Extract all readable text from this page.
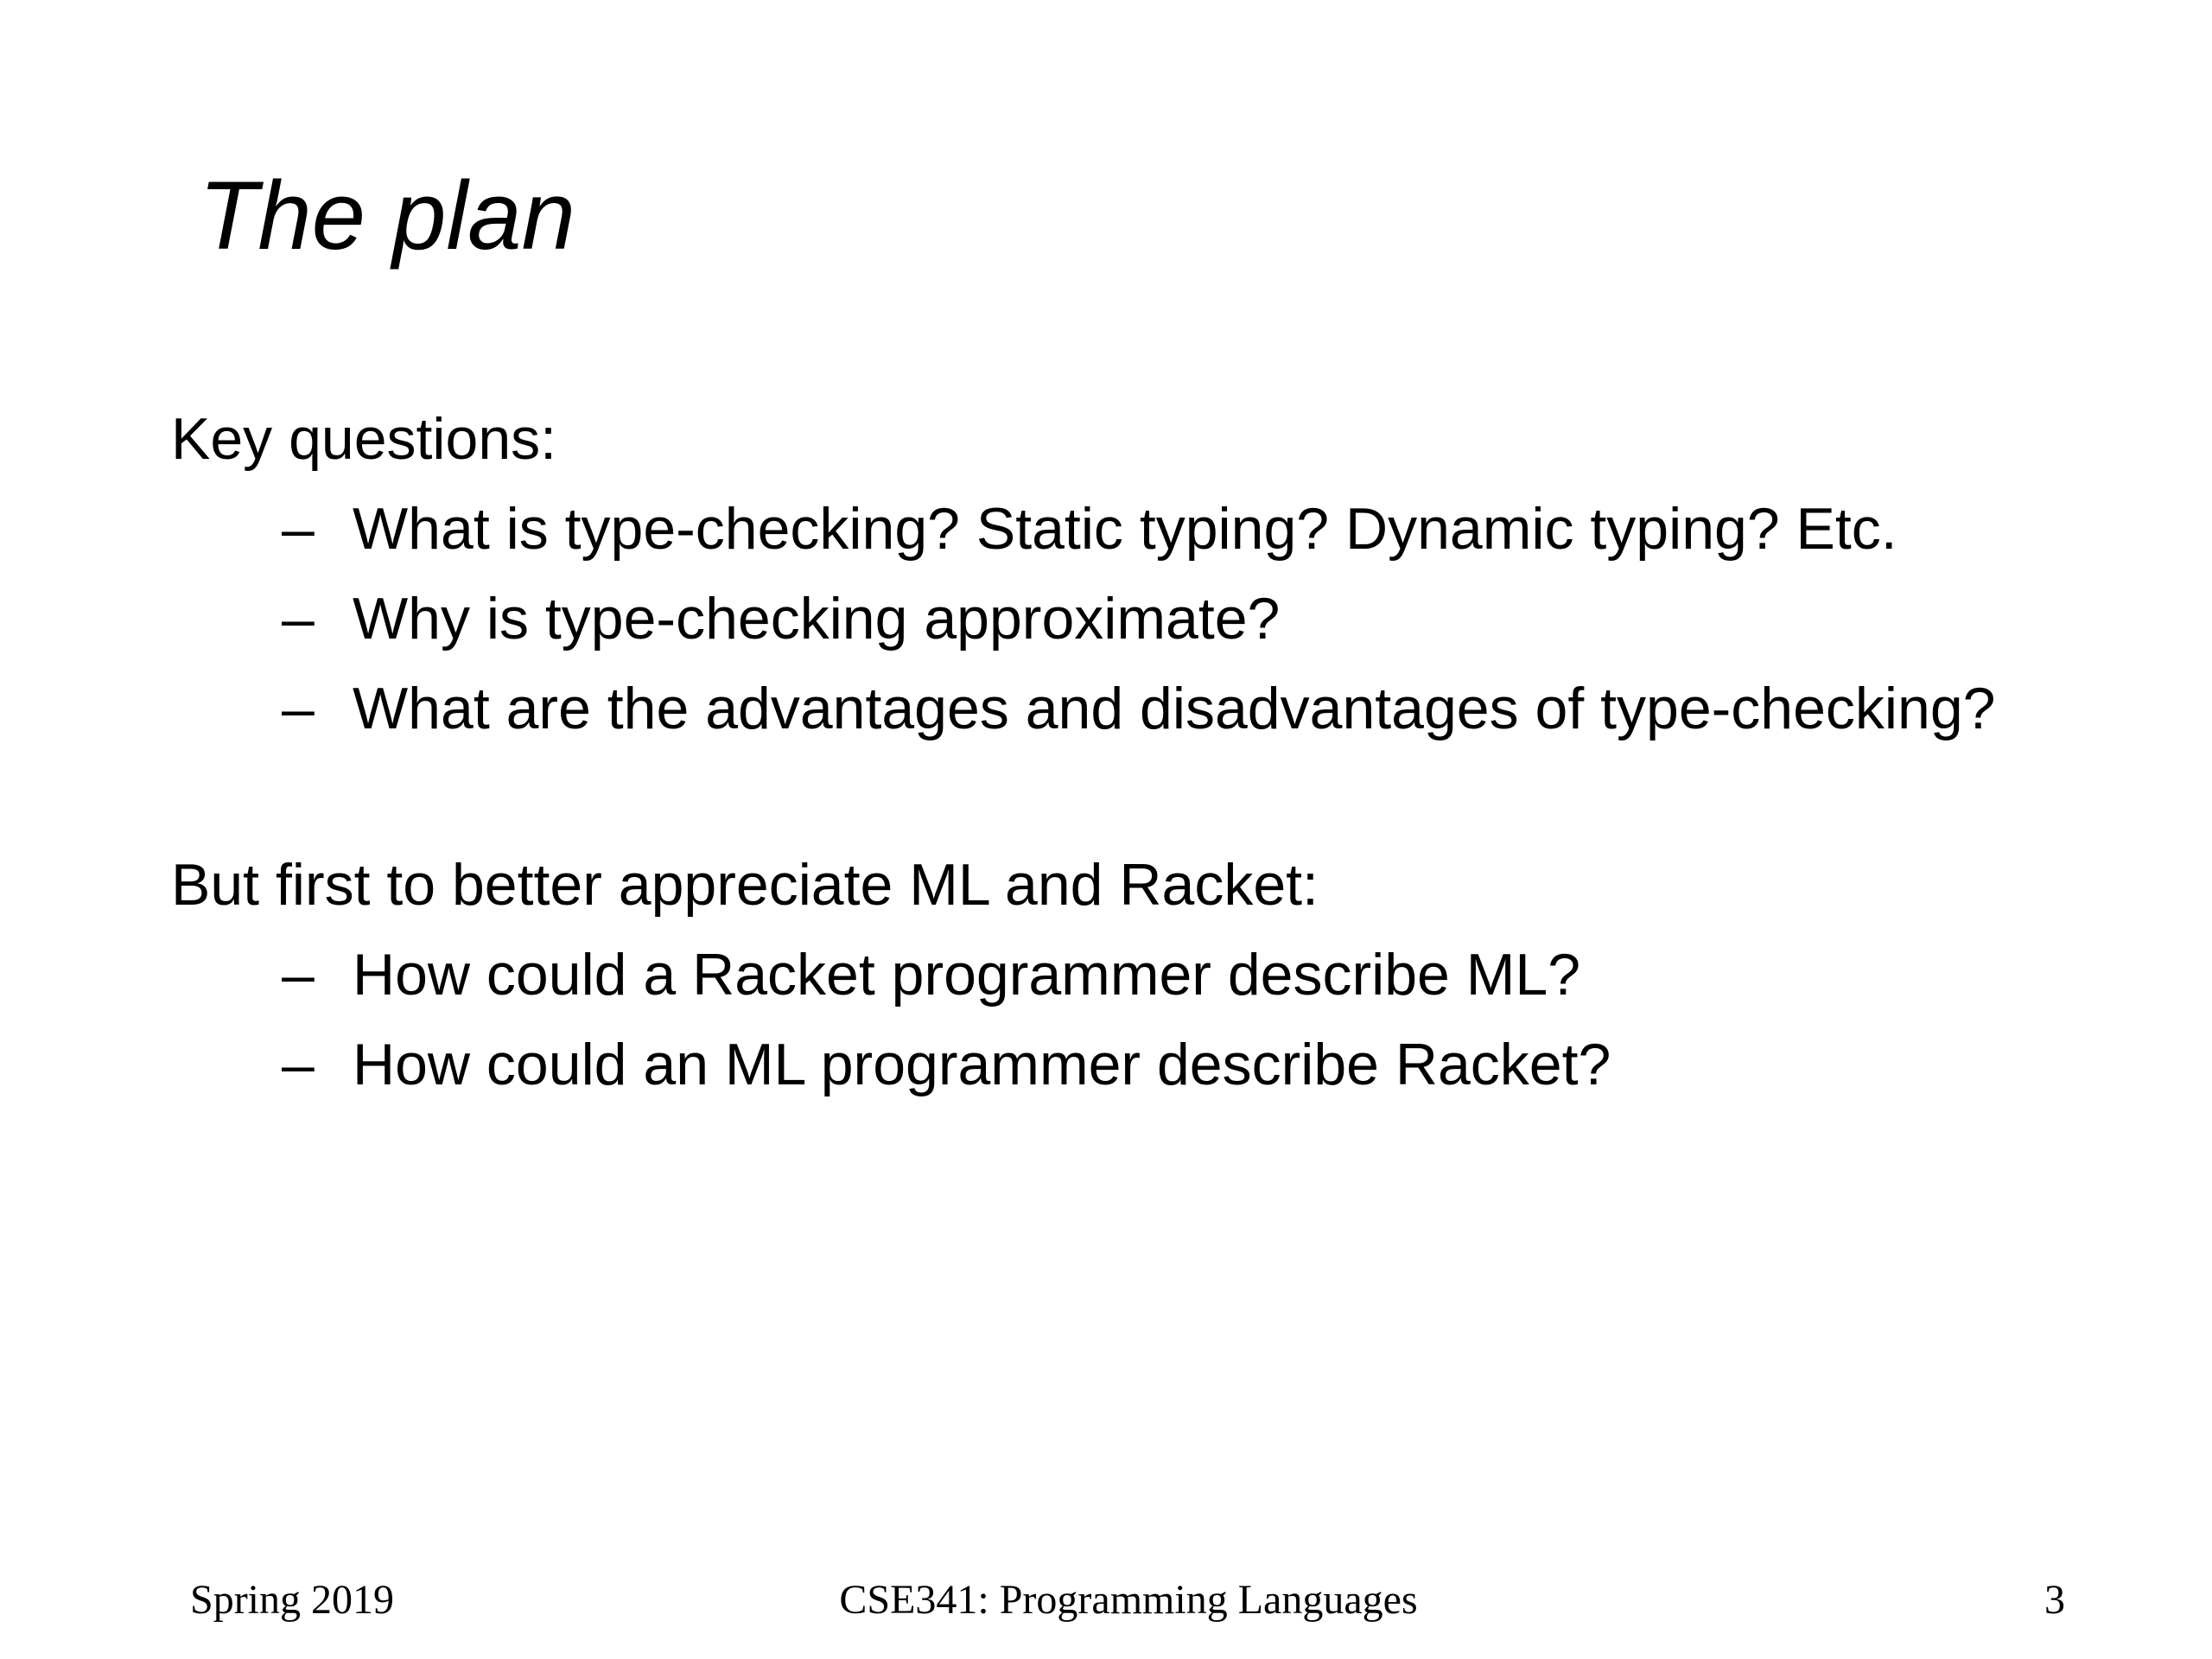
The plan
Key questions:
– What is type-checking? Static typing? Dynamic typing? Etc.
– Why is type-checking approximate?
– What are the advantages and disadvantages of type-checking?
But first to better appreciate ML and Racket:
– How could a Racket programmer describe ML?
– How could an ML programmer describe Racket?
Spring 2019	CSE341: Programming Languages	3
